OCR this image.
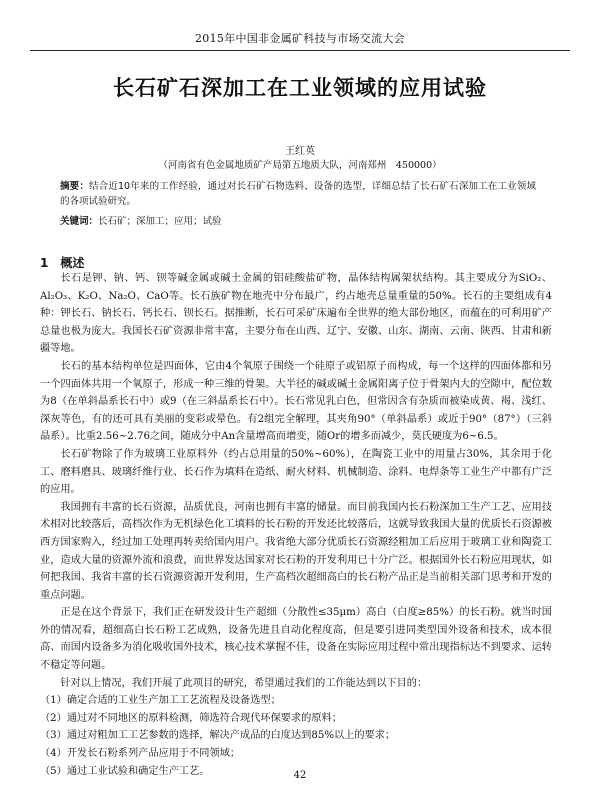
2015年中国非金属矿科技与市场交流大会
长石矿石深加工在工业领域的应用试验
王红英
（河南省有色金属地质矿产局第五地质大队，河南郑州　450000）
摘要：结合近10年来的工作经验，通过对长石矿石物选料、设备的选型，详细总结了长石矿石深加工在工业领域的各项试验研究。
关键词：长石矿；深加工；应用；试验
1　概述

长石是钾、钠、钙、钡等碱金属或碱土金属的铝硅酸盐矿物，晶体结构属架状结构。其主要成分为SiO₂、Al₂O₃、K₂O、Na₂O、CaO等。长石族矿物在地壳中分布最广，约占地壳总量重量的50%。长石的主要组成有4种：钾长石、钠长石、钙长石、钡长石。据推断，长石可采矿床遍布全世界的绝大部份地区，而蕴在的可利用矿产总量也极为庞大。我国长石矿资源非常丰富，主要分布在山西、辽宁、安徽、山东、湖南、云南、陕西、甘肃和新疆等地。

长石的基本结构单位是四面体，它由4个氧原子围绕一个硅原子或铝原子而构成，每一个这样的四面体都和另一个四面体共用一个氧原子，形成一种三维的骨架。大半径的碱或碱土金属阳离子位于骨架内大的空隙中，配位数为8（在单斜晶系长石中）或9（在三斜晶系长石中）。长石常见乳白色，但常因含有杂质而被染成黄、褐、浅红、深灰等色，有的还可具有美丽的变彩或晕色。有2组完全解理，其夹角90°（单斜晶系）或近于90°（87°）（三斜晶系）。比重2.56~2.76之间，随成分中An含量增高而增变，随Or的增多而减少，莫氏硬度为6~6.5。

长石矿物除了作为玻璃工业原料外（约占总用量的50%~60%），在陶瓷工业中的用量占30%，其余用于化工、磨料磨具、玻璃纤维行业、长石作为填料在造纸、耐火材料、机械制造、涂料、电焊条等工业生产中都有广泛的应用。

我国拥有丰富的长石资源，品质优良，河南也拥有丰富的储量。而目前我国内长石粉深加工生产工艺、应用技术相对比较落后，高档次作为无机绿色化工填料的长石粉的开发还比较落后，这就导致我国大量的优质长石资源被西方国家购入，经过加工处理再转卖给国内用户。我省绝大部分优质长石资源经粗加工后应用于玻璃工业和陶瓷工业，造成大量的资源外流和浪费，而世界发达国家对长石粉的开发利用已十分广泛。根据国外长石粉应用现状，如何把我国、我省丰富的长石资源资源开发利用，生产高档次超细高白的长石粉产品正是当前相关部门思考和开发的重点问题。

正是在这个背景下，我们正在研发设计生产超细（分散性≤35μm）高白（白度≥85%）的长石粉。就当时国外的情况看，超细高白长石粉工艺成熟，设备先进且自动化程度高，但是要引进同类型国外设备和技术，成本很高、而国内设备多为消化吸收国外技术，核心技术掌握不佳，设备在实际应用过程中常出现指标达不到要求、运转不稳定等问题。

针对以上情况，我们开展了此项目的研究，希望通过我们的工作能达到以下目的：

（1）确定合适的工业生产加工工艺流程及设备选型；

（2）通过对不同地区的原料检测，筛选符合现代环保要求的原料；

（3）通过对粗加工工艺参数的选择，解决产成品的白度达到85%以上的要求；

（4）开发长石粉系列产品应用于不同领域；

（5）通过工业试验和确定生产工艺。	42
